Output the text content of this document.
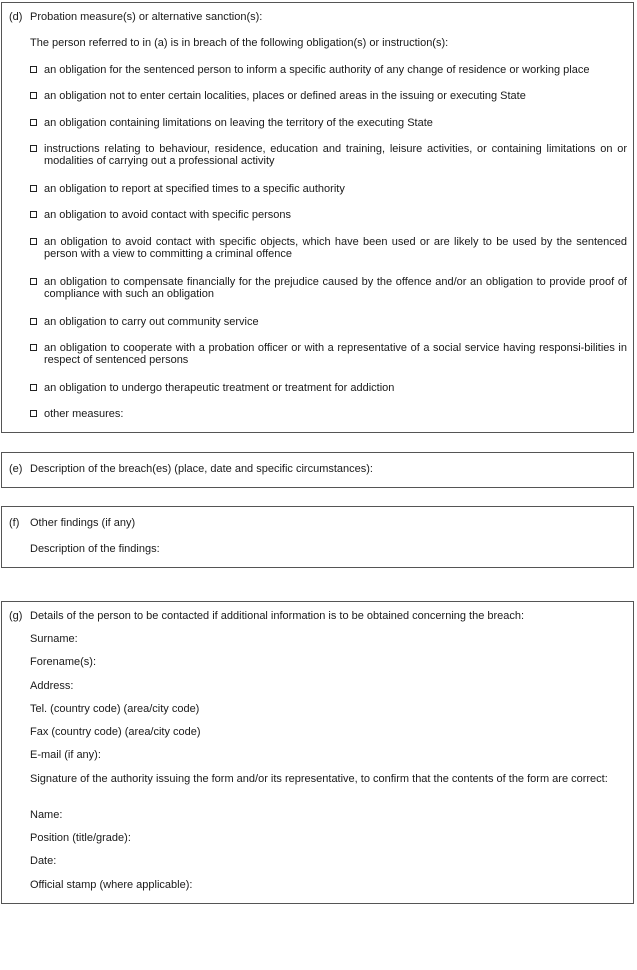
(d) Probation measure(s) or alternative sanction(s):
The person referred to in (a) is in breach of the following obligation(s) or instruction(s):
an obligation for the sentenced person to inform a specific authority of any change of residence or working place
an obligation not to enter certain localities, places or defined areas in the issuing or executing State
an obligation containing limitations on leaving the territory of the executing State
instructions relating to behaviour, residence, education and training, leisure activities, or containing limitations on or modalities of carrying out a professional activity
an obligation to report at specified times to a specific authority
an obligation to avoid contact with specific persons
an obligation to avoid contact with specific objects, which have been used or are likely to be used by the sentenced person with a view to committing a criminal offence
an obligation to compensate financially for the prejudice caused by the offence and/or an obligation to provide proof of compliance with such an obligation
an obligation to carry out community service
an obligation to cooperate with a probation officer or with a representative of a social service having responsi-bilities in respect of sentenced persons
an obligation to undergo therapeutic treatment or treatment for addiction
other measures:
(e) Description of the breach(es) (place, date and specific circumstances):
(f) Other findings (if any)
Description of the findings:
(g) Details of the person to be contacted if additional information is to be obtained concerning the breach:
Surname:
Forename(s):
Address:
Tel. (country code) (area/city code)
Fax (country code) (area/city code)
E-mail (if any):
Signature of the authority issuing the form and/or its representative, to confirm that the contents of the form are correct:
Name:
Position (title/grade):
Date:
Official stamp (where applicable):
